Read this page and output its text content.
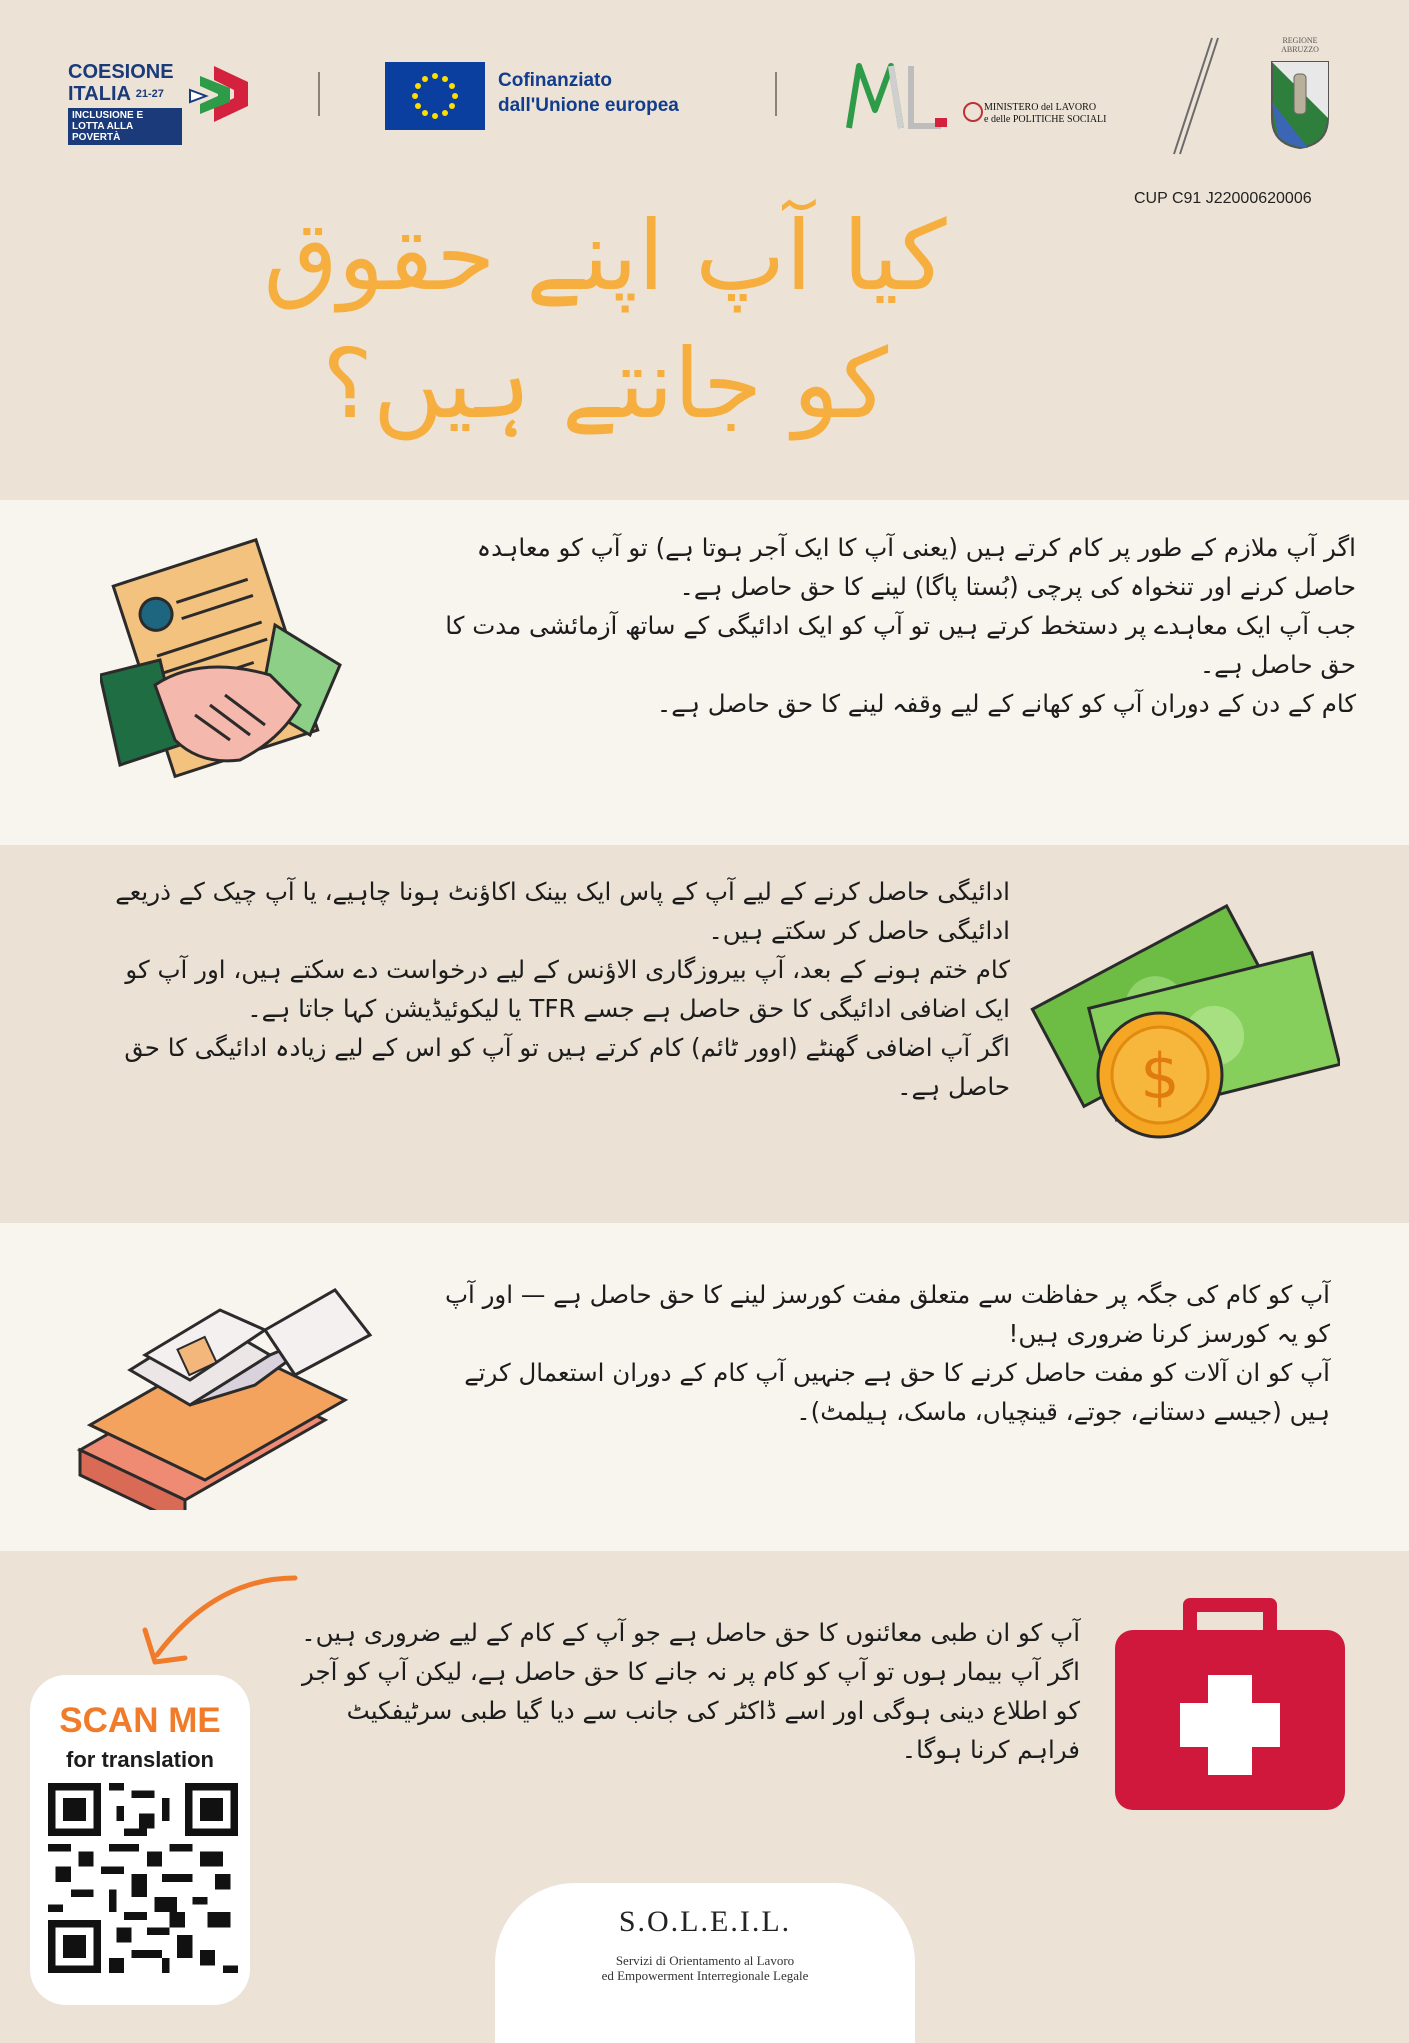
COESIONE
ITALIA $^{21-27}$
INCLUSIONE E LOTTA ALLA POVERTÀ
Cofinanziato
dall'Unione europea	MINISTERO del LAVORO
e delle POLITICHE SOCIALI
REGIONE
ABRUZZO
CUP C91 J22000620006
کیا آپ اپنے حقوق
کو جانتے ہیں؟

اگر آپ ملازم کے طور پر کام کرتے ہیں (یعنی آپ کا ایک آجر ہوتا ہے) تو آپ کو معاہدہ حاصل کرنے اور تنخواہ کی پرچی (بُستا پاگا) لینے کا حق حاصل ہے۔

جب آپ ایک معاہدے پر دستخط کرتے ہیں تو آپ کو ایک ادائیگی کے ساتھ آزمائشی مدت کا حق حاصل ہے۔

کام کے دن کے دوران آپ کو کھانے کے لیے وقفہ لینے کا حق حاصل ہے۔

$

ادائیگی حاصل کرنے کے لیے آپ کے پاس ایک بینک اکاؤنٹ ہونا چاہیے، یا آپ چیک کے ذریعے ادائیگی حاصل کر سکتے ہیں۔

کام ختم ہونے کے بعد، آپ بیروزگاری الاؤنس کے لیے درخواست دے سکتے ہیں، اور آپ کو ایک اضافی ادائیگی کا حق حاصل ہے جسے TFR یا لیکوئیڈیشن کہا جاتا ہے۔

اگر آپ اضافی گھنٹے (اوور ٹائم) کام کرتے ہیں تو آپ کو اس کے لیے زیادہ ادائیگی کا حق حاصل ہے۔

آپ کو کام کی جگہ پر حفاظت سے متعلق مفت کورسز لینے کا حق حاصل ہے — اور آپ کو یہ کورسز کرنا ضروری ہیں!

آپ کو ان آلات کو مفت حاصل کرنے کا حق ہے جنہیں آپ کام کے دوران استعمال کرتے ہیں (جیسے دستانے، جوتے، قینچیاں، ماسک، ہیلمٹ)۔

آپ کو ان طبی معائنوں کا حق حاصل ہے جو آپ کے کام کے لیے ضروری ہیں۔

اگر آپ بیمار ہوں تو آپ کو کام پر نہ جانے کا حق حاصل ہے، لیکن آپ کو آجر کو اطلاع دینی ہوگی اور اسے ڈاکٹر کی جانب سے دیا گیا طبی سرٹیفکیٹ فراہم کرنا ہوگا۔

SCAN ME
for translation
S.O.L.E.I.L.
Servizi di Orientamento al Lavoro
ed Empowerment Interregionale Legale
